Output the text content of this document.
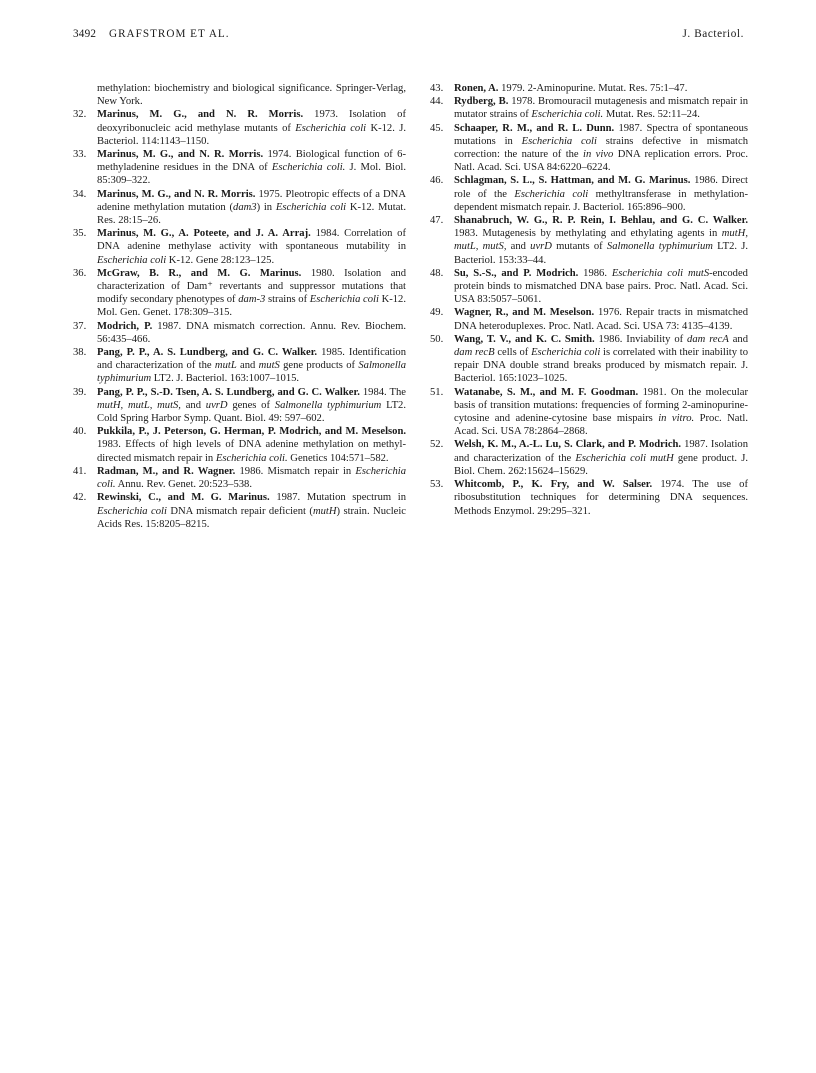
3492 GRAFSTROM ET AL.	J. Bacteriol.
methylation: biochemistry and biological significance. Springer-Verlag, New York.
32.	Marinus, M. G., and N. R. Morris. 1973. Isolation of deoxyribonucleic acid methylase mutants of Escherichia coli K-12. J. Bacteriol. 114:1143–1150.
33.	Marinus, M. G., and N. R. Morris. 1974. Biological function of 6-methyladenine residues in the DNA of Escherichia coli. J. Mol. Biol. 85:309–322.
34.	Marinus, M. G., and N. R. Morris. 1975. Pleotropic effects of a DNA adenine methylation mutation (dam3) in Escherichia coli K-12. Mutat. Res. 28:15–26.
35.	Marinus, M. G., A. Poteete, and J. A. Arraj. 1984. Correlation of DNA adenine methylase activity with spontaneous mutability in Escherichia coli K-12. Gene 28:123–125.
36.	McGraw, B. R., and M. G. Marinus. 1980. Isolation and characterization of Dam⁺ revertants and suppressor mutations that modify secondary phenotypes of dam-3 strains of Escherichia coli K-12. Mol. Gen. Genet. 178:309–315.
37.	Modrich, P. 1987. DNA mismatch correction. Annu. Rev. Biochem. 56:435–466.
38.	Pang, P. P., A. S. Lundberg, and G. C. Walker. 1985. Identification and characterization of the mutL and mutS gene products of Salmonella typhimurium LT2. J. Bacteriol. 163:1007–1015.
39.	Pang, P. P., S.-D. Tsen, A. S. Lundberg, and G. C. Walker. 1984. The mutH, mutL, mutS, and uvrD genes of Salmonella typhimurium LT2. Cold Spring Harbor Symp. Quant. Biol. 49: 597–602.
40.	Pukkila, P., J. Peterson, G. Herman, P. Modrich, and M. Meselson. 1983. Effects of high levels of DNA adenine methylation on methyl-directed mismatch repair in Escherichia coli. Genetics 104:571–582.
41.	Radman, M., and R. Wagner. 1986. Mismatch repair in Escherichia coli. Annu. Rev. Genet. 20:523–538.
42.	Rewinski, C., and M. G. Marinus. 1987. Mutation spectrum in Escherichia coli DNA mismatch repair deficient (mutH) strain. Nucleic Acids Res. 15:8205–8215.
43.	Ronen, A. 1979. 2-Aminopurine. Mutat. Res. 75:1–47.
44.	Rydberg, B. 1978. Bromouracil mutagenesis and mismatch repair in mutator strains of Escherichia coli. Mutat. Res. 52:11–24.
45.	Schaaper, R. M., and R. L. Dunn. 1987. Spectra of spontaneous mutations in Escherichia coli strains defective in mismatch correction: the nature of the in vivo DNA replication errors. Proc. Natl. Acad. Sci. USA 84:6220–6224.
46.	Schlagman, S. L., S. Hattman, and M. G. Marinus. 1986. Direct role of the Escherichia coli methyltransferase in methylation-dependent mismatch repair. J. Bacteriol. 165:896–900.
47.	Shanabruch, W. G., R. P. Rein, I. Behlau, and G. C. Walker. 1983. Mutagenesis by methylating and ethylating agents in mutH, mutL, mutS, and uvrD mutants of Salmonella typhimurium LT2. J. Bacteriol. 153:33–44.
48.	Su, S.-S., and P. Modrich. 1986. Escherichia coli mutS-encoded protein binds to mismatched DNA base pairs. Proc. Natl. Acad. Sci. USA 83:5057–5061.
49.	Wagner, R., and M. Meselson. 1976. Repair tracts in mismatched DNA heteroduplexes. Proc. Natl. Acad. Sci. USA 73: 4135–4139.
50.	Wang, T. V., and K. C. Smith. 1986. Inviability of dam recA and dam recB cells of Escherichia coli is correlated with their inability to repair DNA double strand breaks produced by mismatch repair. J. Bacteriol. 165:1023–1025.
51.	Watanabe, S. M., and M. F. Goodman. 1981. On the molecular basis of transition mutations: frequencies of forming 2-aminopurine-cytosine and adenine-cytosine base mispairs in vitro. Proc. Natl. Acad. Sci. USA 78:2864–2868.
52.	Welsh, K. M., A.-L. Lu, S. Clark, and P. Modrich. 1987. Isolation and characterization of the Escherichia coli mutH gene product. J. Biol. Chem. 262:15624–15629.
53.	Whitcomb, P., K. Fry, and W. Salser. 1974. The use of ribosubstitution techniques for determining DNA sequences. Methods Enzymol. 29:295–321.
